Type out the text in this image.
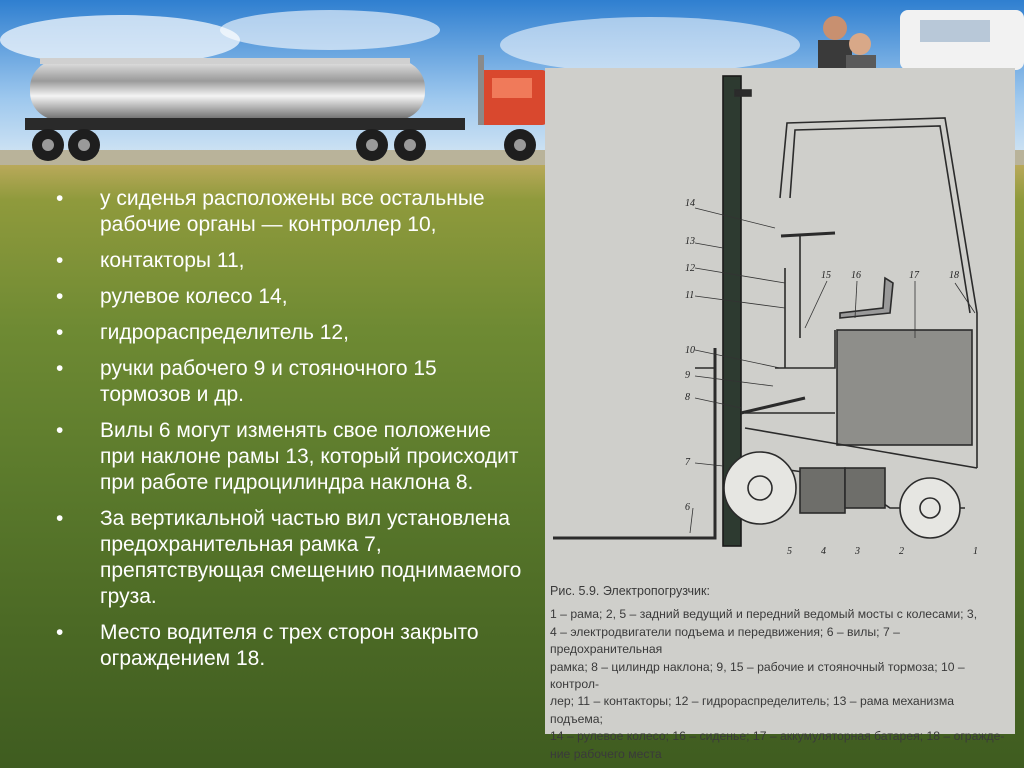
• у сиденья расположены все остальные рабочие органы — контроллер 10,
• контакторы 11,
• рулевое колесо 14,
• гидрораспределитель 12,
• ручки рабочего 9 и стояночного 15 тормозов и др.
• Вилы 6 могут изменять свое положение при наклоне рамы 13, который происходит при работе гидроцилиндра наклона 8.
• За вертикальной частью вил установлена предохранительная рамка 7, препятствующая смещению поднимаемого груза.
• Место водителя с трех сторон закрыто ограждением 18.
14
13
12
11
10
9
8
7
6
15 16	17	18
5	4	3	2	1
Рис. 5.9. Электропогрузчик:
1 – рама; 2, 5 – задний ведущий и передний ведомый мосты с колесами; 3,
4 – электродвигатели подъема и передвижения; 6 – вилы; 7 – предохранительная
рамка; 8 – цилиндр наклона; 9, 15 – рабочие и стояночный тормоза; 10 – контрол-
лер; 11 – контакторы; 12 – гидрораспределитель; 13 – рама механизма подъема;
14 – рулевое колесо; 16 – сиденье; 17 – аккумуляторная батарея; 18 – огражде-
ние рабочего места
